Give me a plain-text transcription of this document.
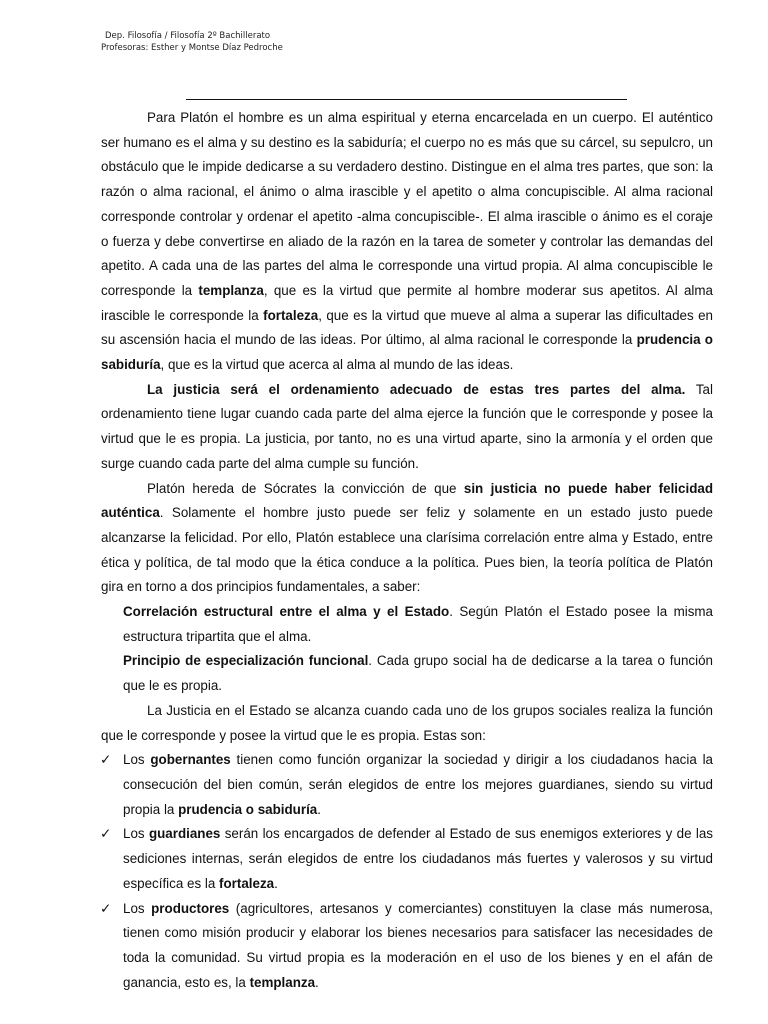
Dep. Filosofía / Filosofía 2º Bachillerato
Profesoras: Esther y Montse Díaz Pedroche

Para Platón el hombre es un alma espiritual y eterna encarcelada en un cuerpo. El auténtico ser humano es el alma y su destino es la sabiduría; el cuerpo no es más que su cárcel, su sepulcro, un obstáculo que le impide dedicarse a su verdadero destino. Distingue en el alma tres partes, que son: la razón o alma racional, el ánimo o alma irascible y el apetito o alma concupiscible. Al alma racional corresponde controlar y ordenar el apetito -alma concupiscible-. El alma irascible o ánimo es el coraje o fuerza y debe convertirse en aliado de la razón en la tarea de someter y controlar las demandas del apetito. A cada una de las partes del alma le corresponde una virtud propia. Al alma concupiscible le corresponde la templanza, que es la virtud que permite al hombre moderar sus apetitos. Al alma irascible le corresponde la fortaleza, que es la virtud que mueve al alma a superar las dificultades en su ascensión hacia el mundo de las ideas. Por último, al alma racional le corresponde la prudencia o sabiduría, que es la virtud que acerca al alma al mundo de las ideas.

La justicia será el ordenamiento adecuado de estas tres partes del alma. Tal ordenamiento tiene lugar cuando cada parte del alma ejerce la función que le corresponde y posee la virtud que le es propia. La justicia, por tanto, no es una virtud aparte, sino la armonía y el orden que surge cuando cada parte del alma cumple su función.

Platón hereda de Sócrates la convicción de que sin justicia no puede haber felicidad auténtica. Solamente el hombre justo puede ser feliz y solamente en un estado justo puede alcanzarse la felicidad. Por ello, Platón establece una clarísima correlación entre alma y Estado, entre ética y política, de tal modo que la ética conduce a la política. Pues bien, la teoría política de Platón gira en torno a dos principios fundamentales, a saber:

Correlación estructural entre el alma y el Estado. Según Platón el Estado posee la misma estructura tripartita que el alma.

Principio de especialización funcional. Cada grupo social ha de dedicarse a la tarea o función que le es propia.

La Justicia en el Estado se alcanza cuando cada uno de los grupos sociales realiza la función que le corresponde y posee la virtud que le es propia. Estas son:

✓ Los gobernantes tienen como función organizar la sociedad y dirigir a los ciudadanos hacia la consecución del bien común, serán elegidos de entre los mejores guardianes, siendo su virtud propia la prudencia o sabiduría.

✓ Los guardianes serán los encargados de defender al Estado de sus enemigos exteriores y de las sediciones internas, serán elegidos de entre los ciudadanos más fuertes y valerosos y su virtud específica es la fortaleza.

✓ Los productores (agricultores, artesanos y comerciantes) constituyen la clase más numerosa, tienen como misión producir y elaborar los bienes necesarios para satisfacer las necesidades de toda la comunidad. Su virtud propia es la moderación en el uso de los bienes y en el afán de ganancia, esto es, la templanza.
